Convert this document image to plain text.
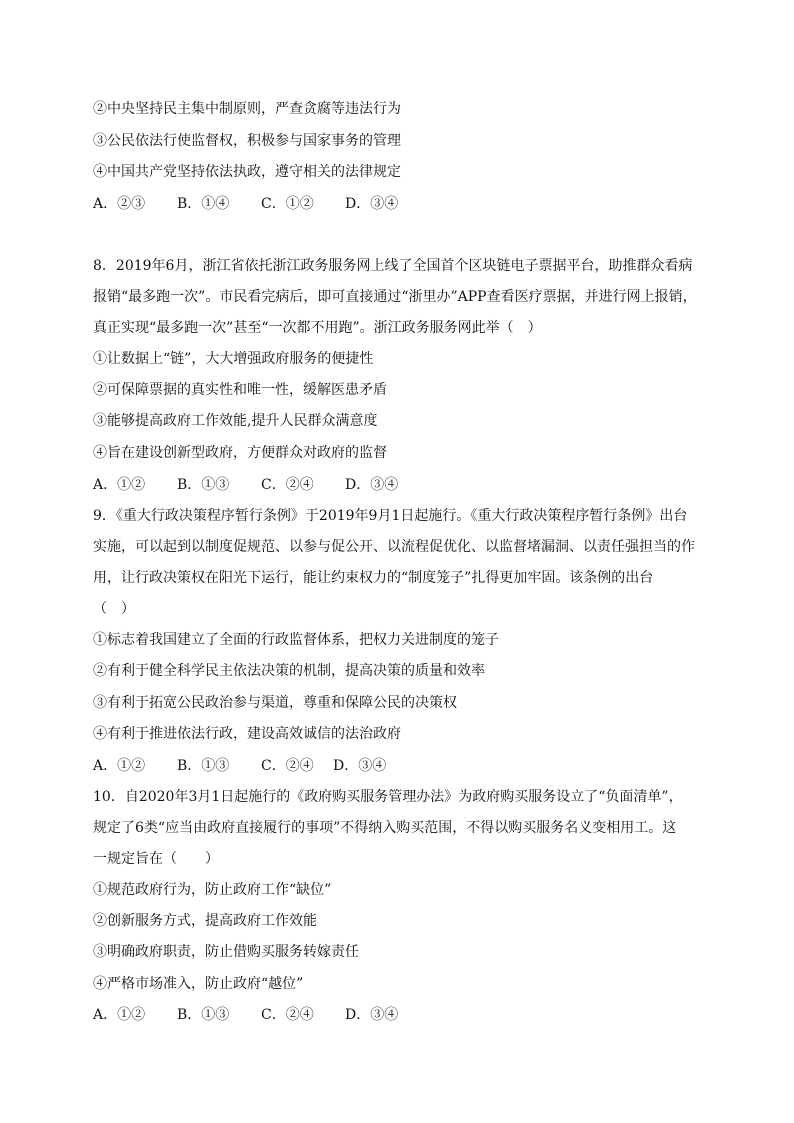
②中央坚持民主集中制原则，严查贪腐等违法行为
③公民依法行使监督权，积极参与国家事务的管理
④中国共产党坚持依法执政，遵守相关的法律规定
A．②③ B．①④ C．①② D．③④
8．2019年6月，浙江省依托浙江政务服务网上线了全国首个区块链电子票据平台，助推群众看病
报销“最多跑一次”。市民看完病后，即可直接通过“浙里办”APP查看医疗票据，并进行网上报销，
真正实现“最多跑一次”甚至“一次都不用跑”。浙江政务服务网此举（　）
①让数据上“链”，大大增强政府服务的便捷性
②可保障票据的真实性和唯一性，缓解医患矛盾
③能够提高政府工作效能,提升人民群众满意度
④旨在建设创新型政府，方便群众对政府的监督
A．①② B．①③ C．②④ D．③④
9．《重大行政决策程序暂行条例》于2019年9月1日起施行。《重大行政决策程序暂行条例》出台
实施，可以起到以制度促规范、以参与促公开、以流程促优化、以监督堵漏洞、以责任强担当的作
用，让行政决策权在阳光下运行，能让约束权力的“制度笼子”扎得更加牢固。该条例的出台
（　）
①标志着我国建立了全面的行政监督体系，把权力关进制度的笼子
②有利于健全科学民主依法决策的机制，提高决策的质量和效率
③有利于拓宽公民政治参与渠道，尊重和保障公民的决策权
④有利于推进依法行政，建设高效诚信的法治政府
A．①② B．①③ C．②④ D．③④
10．自2020年3月1日起施行的《政府购买服务管理办法》为政府购买服务设立了“负面清单”，
规定了6类“应当由政府直接履行的事项”不得纳入购买范围，不得以购买服务名义变相用工。这
一规定旨在（　　）
①规范政府行为，防止政府工作“缺位”
②创新服务方式，提高政府工作效能
③明确政府职责，防止借购买服务转嫁责任
④严格市场准入，防止政府“越位”
A．①② B．①③ C．②④ D．③④
